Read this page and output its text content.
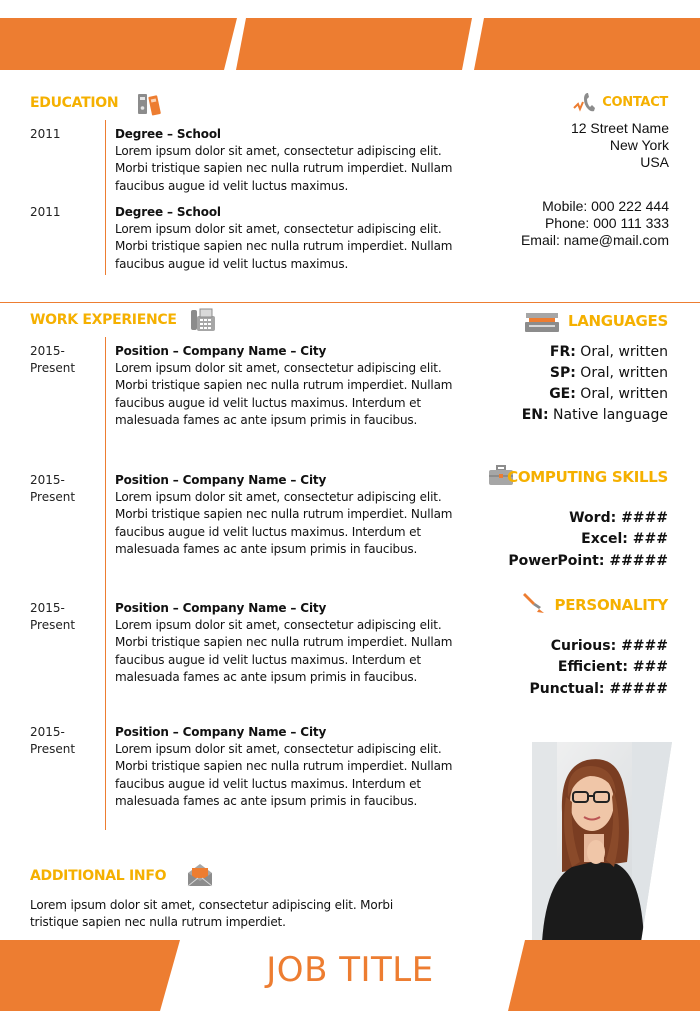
EDUCATION
2011	Degree – School
Lorem ipsum dolor sit amet, consectetur adipiscing elit. Morbi tristique sapien nec nulla rutrum imperdiet. Nullam faucibus augue id velit luctus maximus.
2011	Degree – School
Lorem ipsum dolor sit amet, consectetur adipiscing elit. Morbi tristique sapien nec nulla rutrum imperdiet. Nullam faucibus augue id velit luctus maximus.
WORK EXPERIENCE
2015-
Present
Position – Company Name – City
Lorem ipsum dolor sit amet, consectetur adipiscing elit. Morbi tristique sapien nec nulla rutrum imperdiet. Nullam faucibus augue id velit luctus maximus. Interdum et malesuada fames ac ante ipsum primis in faucibus.
2015-
Present
Position – Company Name – City
Lorem ipsum dolor sit amet, consectetur adipiscing elit. Morbi tristique sapien nec nulla rutrum imperdiet. Nullam faucibus augue id velit luctus maximus. Interdum et malesuada fames ac ante ipsum primis in faucibus.
2015-
Present
Position – Company Name – City
Lorem ipsum dolor sit amet, consectetur adipiscing elit. Morbi tristique sapien nec nulla rutrum imperdiet. Nullam faucibus augue id velit luctus maximus. Interdum et malesuada fames ac ante ipsum primis in faucibus.
2015-
Present
Position – Company Name – City
Lorem ipsum dolor sit amet, consectetur adipiscing elit. Morbi tristique sapien nec nulla rutrum imperdiet. Nullam faucibus augue id velit luctus maximus. Interdum et malesuada fames ac ante ipsum primis in faucibus.
ADDITIONAL INFO
Lorem ipsum dolor sit amet, consectetur adipiscing elit. Morbi tristique sapien nec nulla rutrum imperdiet.
CONTACT
12 Street Name
New York
USA
Mobile: 000 222 444
Phone: 000 111 333
Email: name@mail.com
LANGUAGES
FR: Oral, written
SP: Oral, written
GE: Oral, written
EN: Native language
COMPUTING SKILLS
Word: ####
Excel: ###
PowerPoint: #####
PERSONALITY
Curious: ####
Efficient: ###
Punctual: #####
JOB TITLE
